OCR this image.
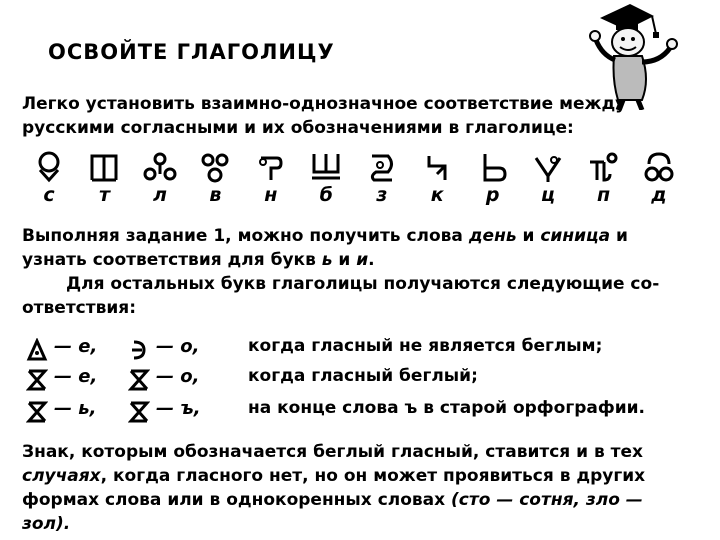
ОСВОЙТЕ ГЛАГОЛИЦУ
Легко установить взаимно-однозначное соответствие между
русскими согласными и их обозначениями в глаголице:
с	т	л	в	н	б	з	к	р	ц	п	д
Выполняя задание 1, можно получить слова день и синица и
узнать соответствия для букв ь и и.
Для остальных букв глаголицы получаются следующие со-
ответствия:
— е,	— о,	когда гласный не является беглым;
— е,	— о,	когда гласный беглый;
— ь,	— ъ,	на конце слова ъ в старой орфографии.
Знак, которым обозначается беглый гласный, ставится и в тех
случаях, когда гласного нет, но он может проявиться в других
формах слова или в однокоренных словах (сто — сотня, зло —
зол).
